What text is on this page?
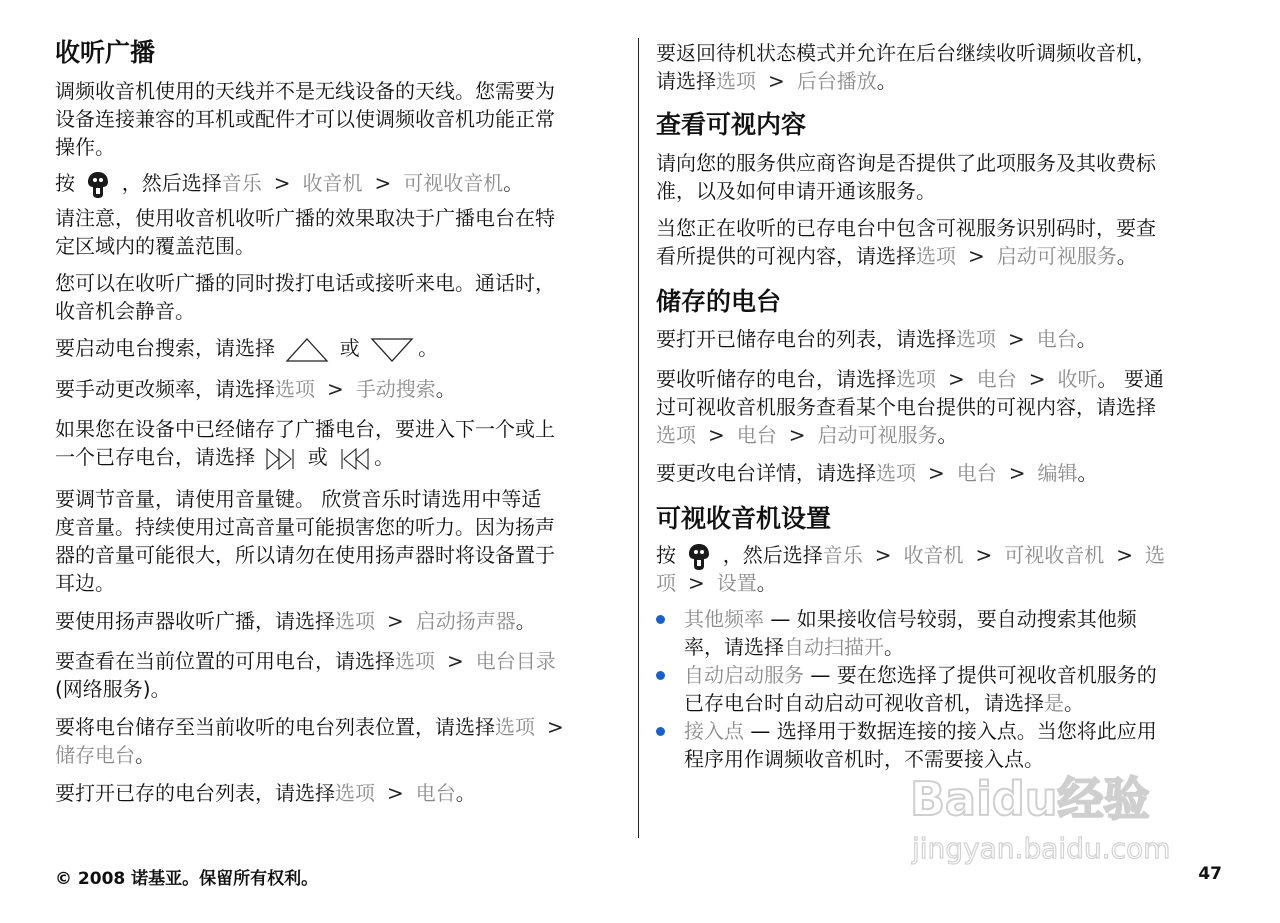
收听广播

调频收音机使用的天线并不是无线设备的天线。您需要为

设备连接兼容的耳机或配件才可以使调频收音机功能正常

操作。

按 ，然后选择音乐 > 收音机 > 可视收音机。

请注意，使用收音机收听广播的效果取决于广播电台在特

定区域内的覆盖范围。

您可以在收听广播的同时拨打电话或接听来电。通话时，

收音机会静音。

要启动电台搜索，请选择	或	。

要手动更改频率，请选择选项 > 手动搜索。

如果您在设备中已经储存了广播电台，要进入下一个或上

一个已存电台，请选择	或 。

要调节音量，请使用音量键。 欣赏音乐时请选用中等适

度音量。持续使用过高音量可能损害您的听力。因为扬声

器的音量可能很大，所以请勿在使用扬声器时将设备置于

耳边。

要使用扬声器收听广播，请选择选项 > 启动扬声器。

要查看在当前位置的可用电台，请选择选项 > 电台目录

(网络服务)。

要将电台储存至当前收听的电台列表位置，请选择选项 >

储存电台。

要打开已存的电台列表，请选择选项 > 电台。

要返回待机状态模式并允许在后台继续收听调频收音机，

请选择选项 > 后台播放。

查看可视内容

请向您的服务供应商咨询是否提供了此项服务及其收费标

准，以及如何申请开通该服务。

当您正在收听的已存电台中包含可视服务识别码时，要查

看所提供的可视内容，请选择选项 > 启动可视服务。

储存的电台

要打开已储存电台的列表，请选择选项 > 电台。

要收听储存的电台，请选择选项 > 电台 > 收听。 要通

过可视收音机服务查看某个电台提供的可视内容，请选择

选项 > 电台 > 启动可视服务。

要更改电台详情，请选择选项 > 电台 > 编辑。

可视收音机设置

按 ，然后选择音乐 > 收音机 > 可视收音机 > 选

项 > 设置。

其他频率 — 如果接收信号较弱，要自动搜索其他频

率，请选择自动扫描开。

自动启动服务 — 要在您选择了提供可视收音机服务的

已存电台时自动启动可视收音机，请选择是。

接入点 — 选择用于数据连接的接入点。当您将此应用

程序用作调频收音机时，不需要接入点。

Baidu经验
jingyan.baidu.com
© 2008 诺基亚。保留所有权利。	47
